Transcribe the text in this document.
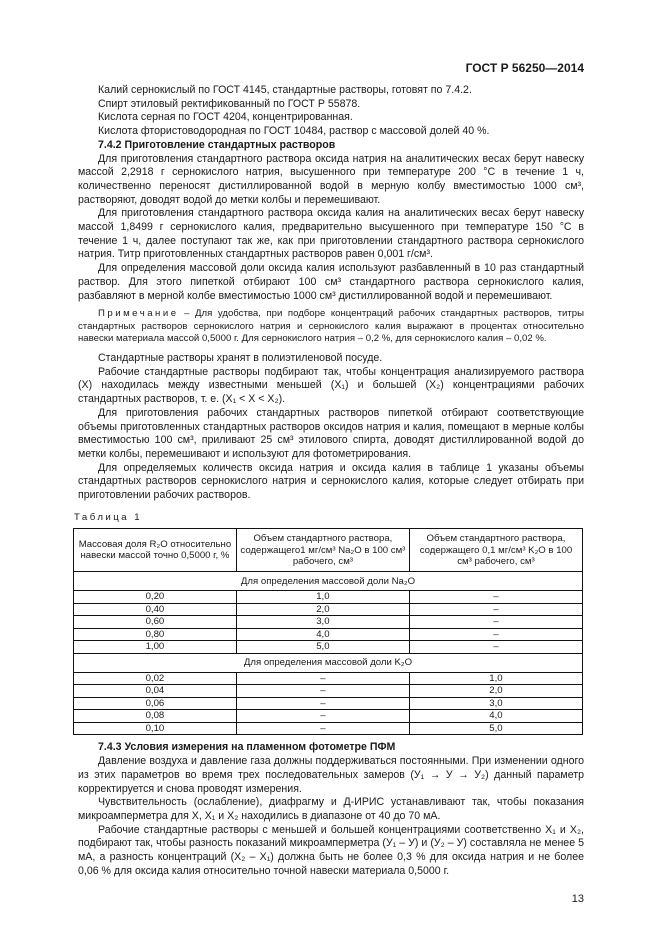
ГОСТ Р 56250—2014

Калий сернокислый по ГОСТ 4145, стандартные растворы, готовят по 7.4.2.

Спирт этиловый ректификованный по ГОСТ Р 55878.

Кислота серная по ГОСТ 4204, концентрированная.

Кислота фтористоводородная по ГОСТ 10484, раствор с массовой долей 40 %.

7.4.2 Приготовление стандартных растворов

Для приготовления стандартного раствора оксида натрия на аналитических весах берут навеску массой 2,2918 г сернокислого натрия, высушенного при температуре 200 °С в течение 1 ч, количественно переносят дистиллированной водой в мерную колбу вместимостью 1000 см³, растворяют, доводят водой до метки колбы и перемешивают.

Для приготовления стандартного раствора оксида калия на аналитических весах берут навеску массой 1,8499 г сернокислого калия, предварительно высушенного при температуре 150 °С в течение 1 ч, далее поступают так же, как при приготовлении стандартного раствора сернокислого натрия. Титр приготовленных стандартных растворов равен 0,001 г/см³.

Для определения массовой доли оксида калия используют разбавленный в 10 раз стандартный раствор. Для этого пипеткой отбирают 100 см³ стандартного раствора сернокислого калия, разбавляют в мерной колбе вместимостью 1000 см³ дистиллированной водой и перемешивают.

Примечание – Для удобства, при подборе концентраций рабочих стандартных растворов, титры стандартных растворов сернокислого натрия и сернокислого калия выражают в процентах относительно навески материала массой 0,5000 г. Для сернокислого натрия – 0,2 %, для сернокислого калия – 0,02 %.

Стандартные растворы хранят в полиэтиленовой посуде.

Рабочие стандартные растворы подбирают так, чтобы концентрация анализируемого раствора (X) находилась между известными меньшей (X₁) и большей (X₂) концентрациями рабочих стандартных растворов, т. е. (X₁ < X < X₂).

Для приготовления рабочих стандартных растворов пипеткой отбирают соответствующие объемы приготовленных стандартных растворов оксидов натрия и калия, помещают в мерные колбы вместимостью 100 см³, приливают 25 см³ этилового спирта, доводят дистиллированной водой до метки колбы, перемешивают и используют для фотометрирования.

Для определяемых количеств оксида натрия и оксида калия в таблице 1 указаны объемы стандартных растворов сернокислого натрия и сернокислого калия, которые следует отбирать при приготовлении рабочих растворов.

Таблица 1
Массовая доля R₂O относительно навески массой точно 0,5000 г, %	Объем стандартного раствора, содержащего1 мг/см³ Na₂O в 100 см³ рабочего, см³	Объем стандартного раствора, содержащего 0,1 мг/см³ K₂O в 100 см³ рабочего, см³
Для определения массовой доли Na₂O		
0,20	1,0	–
0,40	2,0	–
0,60	3,0	–
0,80	4,0	–
1,00	5,0	–
Для определения массовой доли K₂O		
0,02	–	1,0
0,04	–	2,0
0,06	–	3,0
0,08	–	4,0
0,10	–	5,0

7.4.3 Условия измерения на пламенном фотометре ПФМ

Давление воздуха и давление газа должны поддерживаться постоянными. При изменении одного из этих параметров во время трех последовательных замеров (У₁ → У → У₂) данный параметр корректируется и снова проводят измерения.

Чувствительность (ослабление), диафрагму и Д-ИРИС устанавливают так, чтобы показания микроамперметра для X, X₁ и X₂ находились в диапазоне от 40 до 70 мА.

Рабочие стандартные растворы с меньшей и большей концентрациями соответственно X₁ и X₂, подбирают так, чтобы разность показаний микроамперметра (У₁ – У) и (У₂ – У) составляла не менее 5 мА, а разность концентраций (X₂ – X₁) должна быть не более 0,3 % для оксида натрия и не более 0,06 % для оксида калия относительно точной навески материала 0,5000 г.

13
